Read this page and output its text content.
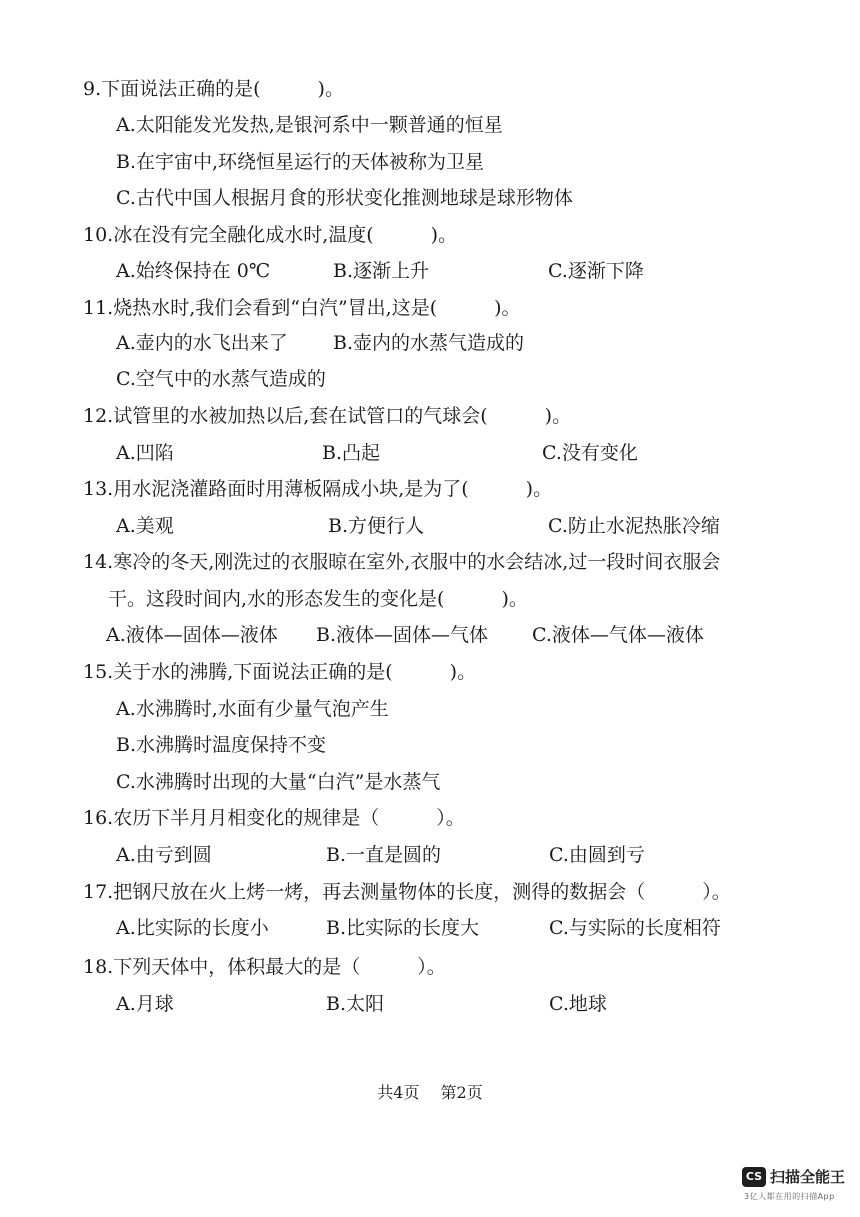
9.下面说法正确的是(　　　)。
A.太阳能发光发热,是银河系中一颗普通的恒星
B.在宇宙中,环绕恒星运行的天体被称为卫星
C.古代中国人根据月食的形状变化推测地球是球形物体
10.冰在没有完全融化成水时,温度(　　　)。
A.始终保持在 0℃	B.逐渐上升	C.逐渐下降
11.烧热水时,我们会看到“白汽”冒出,这是(　　　)。
A.壶内的水飞出来了 B.壶内的水蒸气造成的
C.空气中的水蒸气造成的
12.试管里的水被加热以后,套在试管口的气球会(　　　)。
A.凹陷	B.凸起	C.没有变化
13.用水泥浇灌路面时用薄板隔成小块,是为了(　　　)。
A.美观	B.方便行人	C.防止水泥热胀冷缩
14.寒冷的冬天,刚洗过的衣服晾在室外,衣服中的水会结冰,过一段时间衣服会
干。这段时间内,水的形态发生的变化是(　　　)。
A.液体—固体—液体 B.液体—固体—气体 C.液体—气体—液体
15.关于水的沸腾,下面说法正确的是(　　　)。
A.水沸腾时,水面有少量气泡产生
B.水沸腾时温度保持不变
C.水沸腾时出现的大量“白汽”是水蒸气
16.农历下半月月相变化的规律是（　　　）。
A.由亏到圆	B.一直是圆的	C.由圆到亏
17.把钢尺放在火上烤一烤，再去测量物体的长度，测得的数据会（　　　）。
A.比实际的长度小	B.比实际的长度大	C.与实际的长度相符
18.下列天体中，体积最大的是（　　　）。
A.月球	B.太阳	C.地球
共4页 第2页
CS 扫描全能王
3亿人都在用的扫描App
